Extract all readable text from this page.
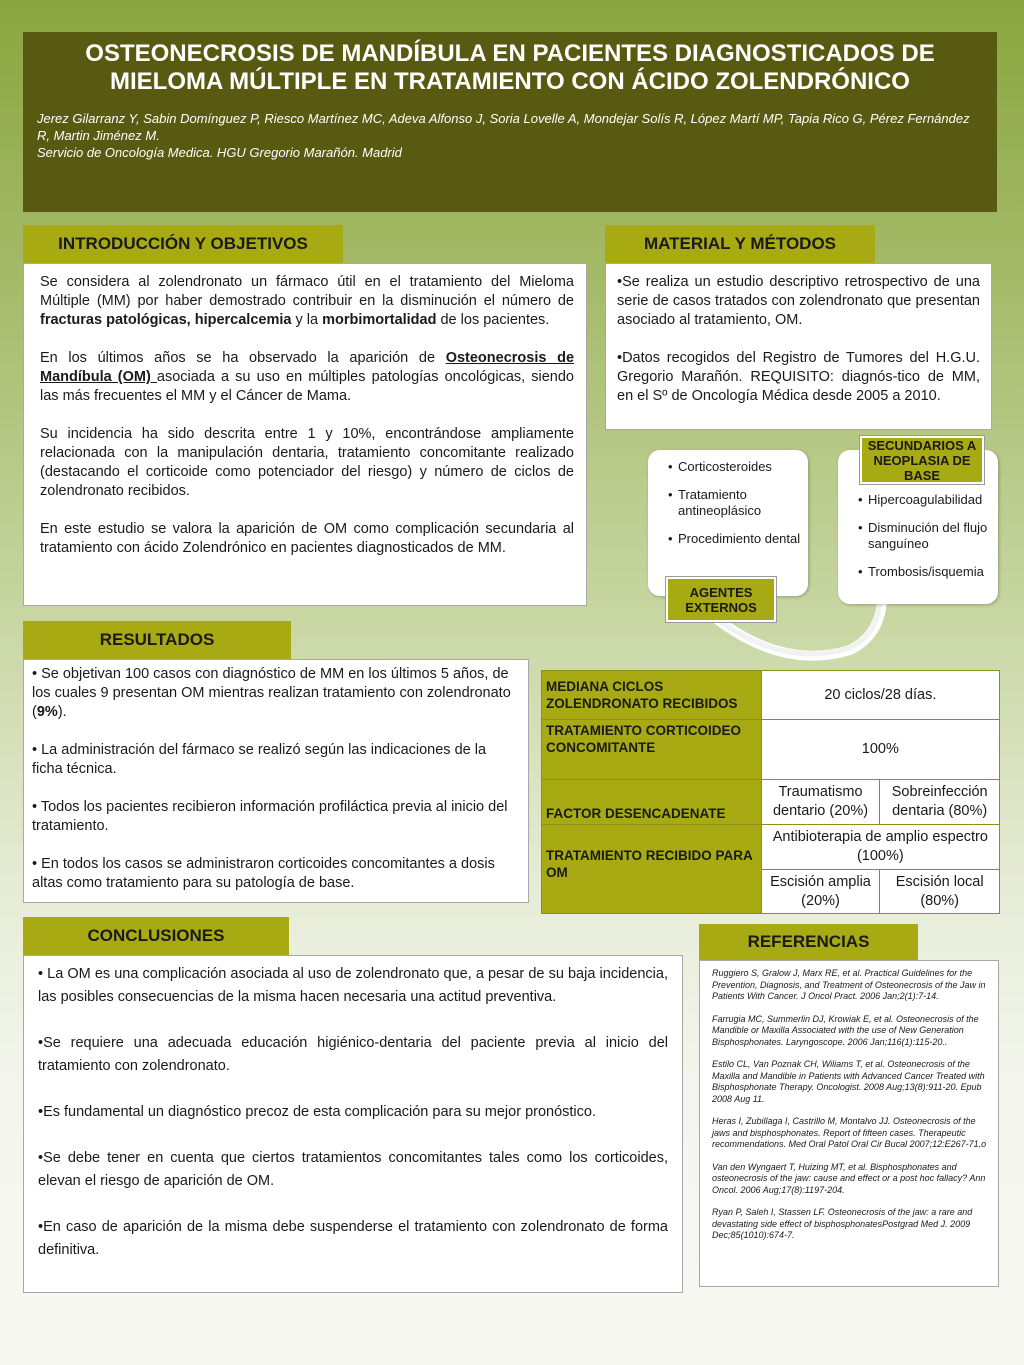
OSTEONECROSIS DE MANDÍBULA EN PACIENTES DIAGNOSTICADOS DE MIELOMA MÚLTIPLE EN TRATAMIENTO CON ÁCIDO ZOLENDRÓNICO
Jerez Gilarranz Y, Sabin Domínguez P, Riesco Martínez MC, Adeva Alfonso J, Soria Lovelle A, Mondejar Solís R, López Martí MP, Tapia Rico G, Pérez Fernández R, Martin Jiménez M.
Servicio de Oncología Medica. HGU Gregorio Marañón. Madrid
INTRODUCCIÓN Y OBJETIVOS

Se considera al zolendronato un fármaco útil en el tratamiento del Mieloma Múltiple (MM) por haber demostrado contribuir en la disminución el número de fracturas patológicas, hipercalcemia y la morbimortalidad de los pacientes.

En los últimos años se ha observado la aparición de Osteonecrosis de Mandíbula (OM) asociada a su uso en múltiples patologías oncológicas, siendo las más frecuentes el MM y el Cáncer de Mama.

Su incidencia ha sido descrita entre 1 y 10%, encontrándose ampliamente relacionada con la manipulación dentaria, tratamiento concomitante realizado (destacando el corticoide como potenciador del riesgo) y número de ciclos de zolendronato recibidos.

En este estudio se valora la aparición de OM como complicación secundaria al tratamiento con ácido Zolendrónico en pacientes diagnosticados de MM.

MATERIAL Y MÉTODOS

•Se realiza un estudio descriptivo retrospectivo de una serie de casos tratados con zolendronato que presentan asociado al tratamiento, OM.

•Datos recogidos del Registro de Tumores del H.G.U. Gregorio Marañón. REQUISITO: diagnós-tico de MM, en el Sº de Oncología Médica desde 2005 a 2010.

• Corticosteroides
• Tratamiento antineoplásico
• Procedimiento dental
AGENTES EXTERNOS
• Hipercoagulabilidad
• Disminución del flujo sanguíneo
• Trombosis/isquemia
SECUNDARIOS A NEOPLASIA DE BASE
RESULTADOS

• Se objetivan 100 casos con diagnóstico de MM en los últimos 5 años, de los cuales 9 presentan OM mientras realizan tratamiento con zolendronato (9%).

• La administración del fármaco se realizó según las indicaciones de la ficha técnica.

• Todos los pacientes recibieron información profiláctica previa al inicio del tratamiento.

• En todos los casos se administraron corticoides concomitantes a dosis altas como tratamiento para su patología de base.

MEDIANA CICLOS ZOLENDRONATO RECIBIDOS	20 ciclos/28 días.	
TRATAMIENTO CORTICOIDEO CONCOMITANTE	100%	
FACTOR DESENCADENATE	Traumatismo dentario (20%)	Sobreinfección dentaria (80%)
TRATAMIENTO RECIBIDO PARA OM	Antibioterapia de amplio espectro (100%)	
	Escisión amplia (20%)	Escisión local (80%)
CONCLUSIONES

• La OM es una complicación asociada al uso de zolendronato que, a pesar de su baja incidencia, las posibles consecuencias de la misma hacen necesaria una actitud preventiva.

•Se requiere una adecuada educación higiénico-dentaria del paciente previa al inicio del tratamiento con zolendronato.

•Es fundamental un diagnóstico precoz de esta complicación para su mejor pronóstico.

•Se debe tener en cuenta que ciertos tratamientos concomitantes tales como los corticoides, elevan el riesgo de aparición de OM.

•En caso de aparición de la misma debe suspenderse el tratamiento con zolendronato de forma definitiva.

REFERENCIAS

Ruggiero S, Gralow J, Marx RE, et al. Practical Guidelines for the Prevention, Diagnosis, and Treatment of Osteonecrosis of the Jaw in Patients With Cancer. J Oncol Pract. 2006 Jan;2(1):7-14.

Farrugia MC, Summerlin DJ, Krowiak E, et al. Osteonecrosis of the Mandible or Maxilla Associated with the use of New Generation Bisphosphonates. Laryngoscope. 2006 Jan;116(1):115-20..

Estilo CL, Van Poznak CH, Wiliams T, et al. Osteonecrosis of the Maxilla and Mandible in Patients with Advanced Cancer Treated with Bisphosphonate Therapy. Oncologist. 2008 Aug;13(8):911-20. Epub 2008 Aug 11.

Heras I, Zubillaga I, Castrillo M, Montalvo JJ. Osteonecrosis of the jaws and bisphosphonates. Report of fifteen cases. Therapeutic recommendations. Med Oral Patol Oral Cir Bucal 2007;12:E267-71.o

Van den Wyngaert T, Huizing MT, et al. Bisphosphonates and osteonecrosis of the jaw: cause and effect or a post hoc fallacy? Ann Oncol. 2006 Aug;17(8):1197-204.

Ryan P, Saleh I, Stassen LF. Osteonecrosis of the jaw: a rare and devastating side effect of bisphosphonatesPostgrad Med J. 2009 Dec;85(1010):674-7.
